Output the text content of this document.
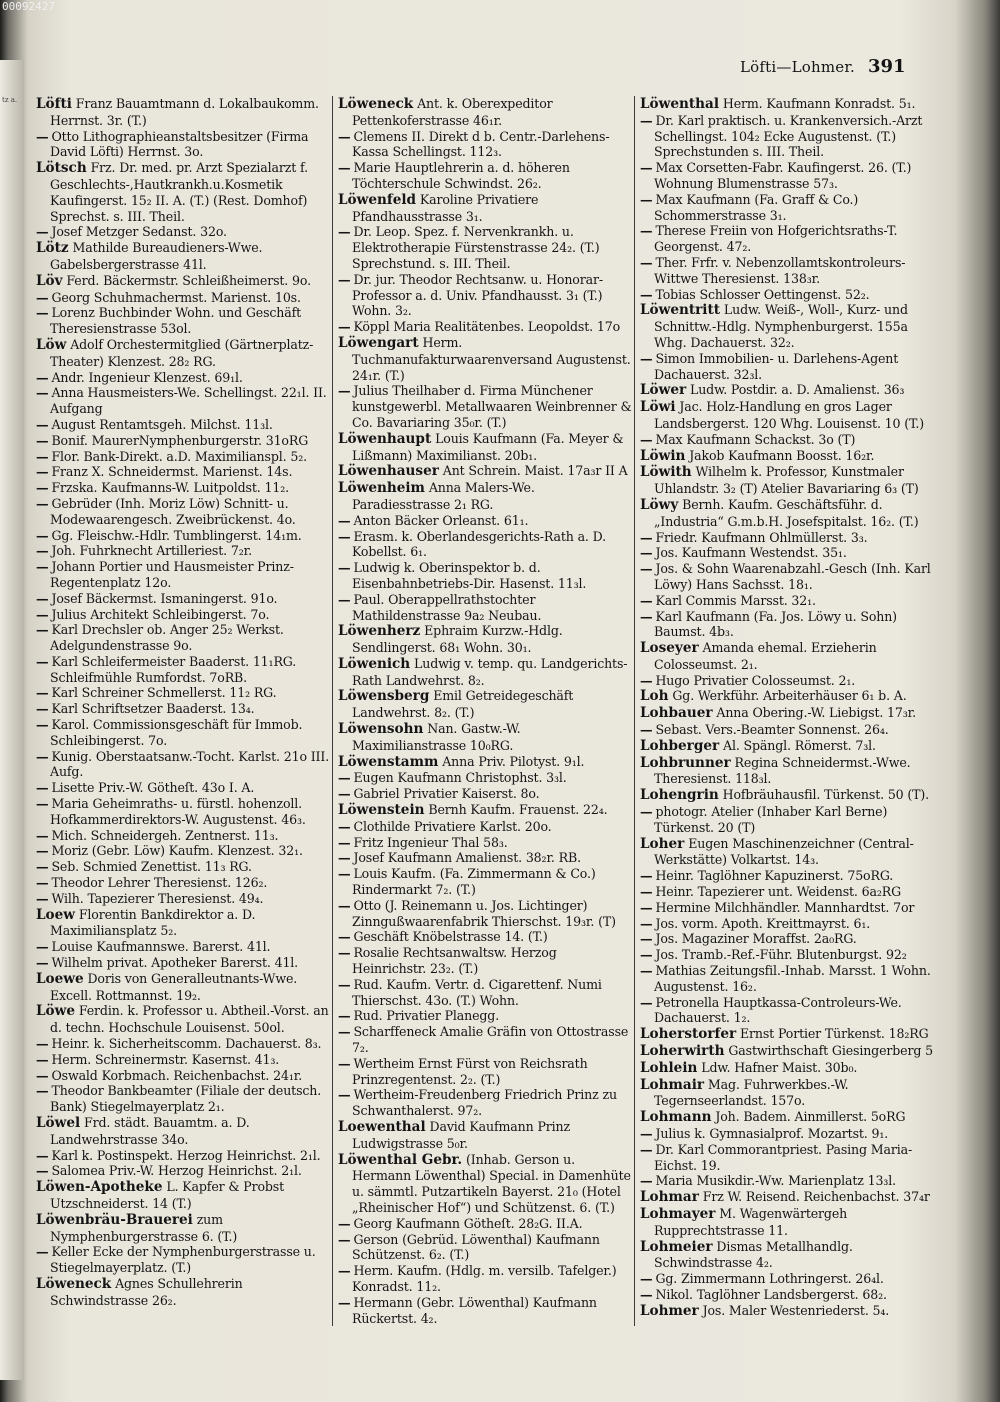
00092427
tz a.
Löfti—Lohmer. 391
Löfti Franz Bauamtmann d. Lokalbaukomm. Herrnst. 3r. (T.)
— Otto Lithographieanstaltsbesitzer (Firma David Löfti) Herrnst. 3o.
Lötsch Frz. Dr. med. pr. Arzt Spezialarzt f. Geschlechts-,Hautkrankh.u.Kosmetik Kaufingerst. 15₂ II. A. (T.) (Rest. Domhof) Sprechst. s. III. Theil.
— Josef Metzger Sedanst. 32o.
Lötz Mathilde Bureaudieners-Wwe. Gabelsbergerstrasse 41l.
Löv Ferd. Bäckermstr. Schleißheimerst. 9o.
— Georg Schuhmachermst. Marienst. 10s.
— Lorenz Buchbinder Wohn. und Geschäft Theresienstrasse 53ol.
Löw Adolf Orchestermitglied (Gärtnerplatz-Theater) Klenzest. 28₂ RG.
— Andr. Ingenieur Klenzest. 69₁l.
— Anna Hausmeisters-We. Schellingst. 22₁l. II. Aufgang
— August Rentamtsgeh. Milchst. 11₃l.
— Bonif. MaurerNymphenburgerstr. 31oRG
— Flor. Bank-Direkt. a.D. Maximilianspl. 5₂.
— Franz X. Schneidermst. Marienst. 14s.
— Frzska. Kaufmanns-W. Luitpoldst. 11₂.
— Gebrüder (Inh. Moriz Löw) Schnitt- u. Modewaarengesch. Zweibrückenst. 4o.
— Gg. Fleischw.-Hdlr. Tumblingerst. 14₁m.
— Joh. Fuhrknecht Artilleriest. 7₂r.
— Johann Portier und Hausmeister Prinz-Regentenplatz 12o.
— Josef Bäckermst. Ismaningerst. 91o.
— Julius Architekt Schleibingerst. 7o.
— Karl Drechsler ob. Anger 25₂ Werkst. Adelgundenstrasse 9o.
— Karl Schleifermeister Baaderst. 11₁RG. Schleifmühle Rumfordst. 7oRB.
— Karl Schreiner Schmellerst. 11₂ RG.
— Karl Schriftsetzer Baaderst. 13₄.
— Karol. Commissionsgeschäft für Immob. Schleibingerst. 7o.
— Kunig. Oberstaatsanw.-Tocht. Karlst. 21o III. Aufg.
— Lisette Priv.-W. Götheſt. 43o I. A.
— Maria Geheimraths- u. fürstl. hohenzoll. Hofkammerdirektors-W. Augustenst. 46₃.
— Mich. Schneidergeh. Zentnerst. 11₃.
— Moriz (Gebr. Löw) Kaufm. Klenzest. 32₁.
— Seb. Schmied Zenettist. 11₃ RG.
— Theodor Lehrer Theresienst. 126₂.
— Wilh. Tapezierer Theresienst. 49₄.
Loew Florentin Bankdirektor a. D. Maximiliansplatz 5₂.
— Louise Kaufmannswe. Barerst. 41l.
— Wilhelm privat. Apotheker Barerst. 41l.
Loewe Doris von Generalleutnants-Wwe. Excell. Rottmannst. 19₂.
Löwe Ferdin. k. Professor u. Abtheil.-Vorst. an d. techn. Hochschule Louisenst. 50ol.
— Heinr. k. Sicherheitscomm. Dachauerst. 8₃.
— Herm. Schreinermstr. Kasernst. 41₃.
— Oswald Korbmach. Reichenbachst. 24₁r.
— Theodor Bankbeamter (Filiale der deutsch. Bank) Stiegelmayerplatz 2₁.
Löwel Frd. städt. Bauamtm. a. D. Landwehrstrasse 34o.
— Karl k. Postinspekt. Herzog Heinrichst. 2₁l.
— Salomea Priv.-W. Herzog Heinrichst. 2₁l.
Löwen-Apotheke L. Kapfer & Probst Utzschneiderst. 14 (T.)
Löwenbräu-Brauerei zum Nymphenburgerstrasse 6. (T.)
— Keller Ecke der Nymphenburgerstrasse u. Stiegelmayerplatz. (T.)
Löweneck Agnes Schullehrerin Schwindstrasse 26₂.
Löweneck Ant. k. Oberexpeditor Pettenkoferstrasse 46₁r.
— Clemens II. Direkt d b. Centr.-Darlehens-Kassa Schellingst. 112₃.
— Marie Hauptlehrerin a. d. höheren Töchterschule Schwindst. 26₂.
Löwenfeld Karoline Privatiere Pfandhausstrasse 3₁.
— Dr. Leop. Spez. f. Nervenkrankh. u. Elektrotherapie Fürstenstrasse 24₂. (T.) Sprechstund. s. III. Theil.
— Dr. jur. Theodor Rechtsanw. u. Honorar-Professor a. d. Univ. Pfandhausst. 3₁ (T.) Wohn. 3₂.
— Köppl Maria Realitätenbes. Leopoldst. 17o
Löwengart Herm. Tuchmanufakturwaarenversand Augustenst. 24₁r. (T.)
— Julius Theilhaber d. Firma Münchener kunstgewerbl. Metallwaaren Weinbrenner & Co. Bavariaring 35₀r. (T.)
Löwenhaupt Louis Kaufmann (Fa. Meyer & Lißmann) Maximilianst. 20b₁.
Löwenhauser Ant Schrein. Maist. 17a₃r II A
Löwenheim Anna Malers-We. Paradiesstrasse 2₁ RG.
— Anton Bäcker Orleanst. 61₁.
— Erasm. k. Oberlandesgerichts-Rath a. D. Kobellst. 6₁.
— Ludwig k. Oberinspektor b. d. Eisenbahnbetriebs-Dir. Hasenst. 11₃l.
— Paul. Oberappellrathstochter Mathildenstrasse 9a₂ Neubau.
Löwenherz Ephraim Kurzw.-Hdlg. Sendlingerst. 68₁ Wohn. 30₁.
Löwenich Ludwig v. temp. qu. Landgerichts-Rath Landwehrst. 8₂.
Löwensberg Emil Getreidegeschäft Landwehrst. 8₂. (T.)
Löwensohn Nan. Gastw.-W. Maximilianstrasse 10₀RG.
Löwenstamm Anna Priv. Pilotyst. 9₁l.
— Eugen Kaufmann Christophst. 3₃l.
— Gabriel Privatier Kaiserst. 8o.
Löwenstein Bernh Kaufm. Frauenst. 22₄.
— Clothilde Privatiere Karlst. 20o.
— Fritz Ingenieur Thal 58₃.
— Josef Kaufmann Amalienst. 38₂r. RB.
— Louis Kaufm. (Fa. Zimmermann & Co.) Rindermarkt 7₂. (T.)
— Otto (J. Reinemann u. Jos. Lichtinger) Zinngußwaarenfabrik Thierschst. 19₃r. (T)
— Geschäft Knöbelstrasse 14. (T.)
— Rosalie Rechtsanwaltsw. Herzog Heinrichstr. 23₂. (T.)
— Rud. Kaufm. Vertr. d. Cigarettenf. Numi Thierschst. 43o. (T.) Wohn.
— Rud. Privatier Planegg.
— Scharffeneck Amalie Gräfin von Ottostrasse 7₂.
— Wertheim Ernst Fürst von Reichsrath Prinzregentenst. 2₂. (T.)
— Wertheim-Freudenberg Friedrich Prinz zu Schwanthalerst. 97₂.
Loewenthal David Kaufmann Prinz Ludwigstrasse 5₀r.
Löwenthal Gebr. (Inhab. Gerson u. Hermann Löwenthal) Special. in Damenhüte u. sämmtl. Putzartikeln Bayerst. 21₀ (Hotel „Rheinischer Hof“) und Schützenst. 6. (T.)
— Georg Kaufmann Götheſt. 28₂G. II.A.
— Gerson (Gebrüd. Löwenthal) Kaufmann Schützenst. 6₂. (T.)
— Herm. Kaufm. (Hdlg. m. versilb. Tafelger.) Konradst. 11₂.
— Hermann (Gebr. Löwenthal) Kaufmann Rückertst. 4₂.
Löwenthal Herm. Kaufmann Konradst. 5₁.
— Dr. Karl praktisch. u. Krankenversich.-Arzt Schellingst. 104₂ Ecke Augustenst. (T.) Sprechstunden s. III. Theil.
— Max Corsetten-Fabr. Kaufingerst. 26. (T.) Wohnung Blumenstrasse 57₃.
— Max Kaufmann (Fa. Graff & Co.) Schommerstrasse 3₁.
— Therese Freiin von Hofgerichtsraths-T. Georgenst. 47₂.
— Ther. Frfr. v. Nebenzollamtskontroleurs-Wittwe Theresienst. 138₃r.
— Tobias Schlosser Oettingenst. 52₂.
Löwentritt Ludw. Weiß-, Woll-, Kurz- und Schnittw.-Hdlg. Nymphenburgerst. 155a Whg. Dachauerst. 32₂.
— Simon Immobilien- u. Darlehens-Agent Dachauerst. 32₃l.
Löwer Ludw. Postdir. a. D. Amalienst. 36₃
Löwi Jac. Holz-Handlung en gros Lager Landsbergerst. 120 Whg. Louisenst. 10 (T.)
— Max Kaufmann Schackst. 3o (T)
Löwin Jakob Kaufmann Boosst. 16₂r.
Löwith Wilhelm k. Professor, Kunstmaler Uhlandstr. 3₂ (T) Atelier Bavariaring 6₃ (T)
Löwy Bernh. Kaufm. Geschäftsführ. d. „Industria“ G.m.b.H. Josefspitalst. 16₂. (T.)
— Friedr. Kaufmann Ohlmüllerst. 3₃.
— Jos. Kaufmann Westendst. 35₁.
— Jos. & Sohn Waarenabzahl.-Gesch (Inh. Karl Löwy) Hans Sachsst. 18₁.
— Karl Commis Marsst. 32₁.
— Karl Kaufmann (Fa. Jos. Löwy u. Sohn) Baumst. 4b₃.
Loseyer Amanda ehemal. Erzieherin Colosseumst. 2₁.
— Hugo Privatier Colosseumst. 2₁.
Loh Gg. Werkführ. Arbeiterhäuser 6₁ b. A.
Lohbauer Anna Obering.-W. Liebigst. 17₃r.
— Sebast. Vers.-Beamter Sonnenst. 26₄.
Lohberger Al. Spängl. Römerst. 7₃l.
Lohbrunner Regina Schneidermst.-Wwe. Theresienst. 118₃l.
Lohengrin Hofbräuhausfil. Türkenst. 50 (T).
— photogr. Atelier (Inhaber Karl Berne) Türkenst. 20 (T)
Loher Eugen Maschinenzeichner (Central-Werkstätte) Volkartst. 14₃.
— Heinr. Taglöhner Kapuzinerst. 75oRG.
— Heinr. Tapezierer unt. Weidenst. 6a₂RG
— Hermine Milchhändler. Mannhardtst. 7or
— Jos. vorm. Apoth. Kreittmayrst. 6₁.
— Jos. Magaziner Moraffst. 2a₀RG.
— Jos. Tramb.-Ref.-Führ. Blutenburgst. 92₂
— Mathias Zeitungsfil.-Inhab. Marsst. 1 Wohn. Augustenst. 16₂.
— Petronella Hauptkassa-Controleurs-We. Dachauerst. 1₂.
Loherstorfer Ernst Portier Türkenst. 18₂RG
Loherwirth Gastwirthschaft Giesingerberg 5
Lohlein Ldw. Hafner Maist. 30b₀.
Lohmair Mag. Fuhrwerkbes.-W. Tegernseerlandst. 157o.
Lohmann Joh. Badem. Ainmillerst. 5oRG
— Julius k. Gymnasialprof. Mozartst. 9₁.
— Dr. Karl Commorantpriest. Pasing Maria-Eichst. 19.
— Maria Musikdir.-Ww. Marienplatz 13₃l.
Lohmar Frz W. Reisend. Reichenbachst. 37₄r
Lohmayer M. Wagenwärtergeh Rupprechtstrasse 11.
Lohmeier Dismas Metallhandlg. Schwindstrasse 4₂.
— Gg. Zimmermann Lothringerst. 26₄l.
— Nikol. Taglöhner Landsbergerst. 68₂.
Lohmer Jos. Maler Westenriederst. 5₄.
